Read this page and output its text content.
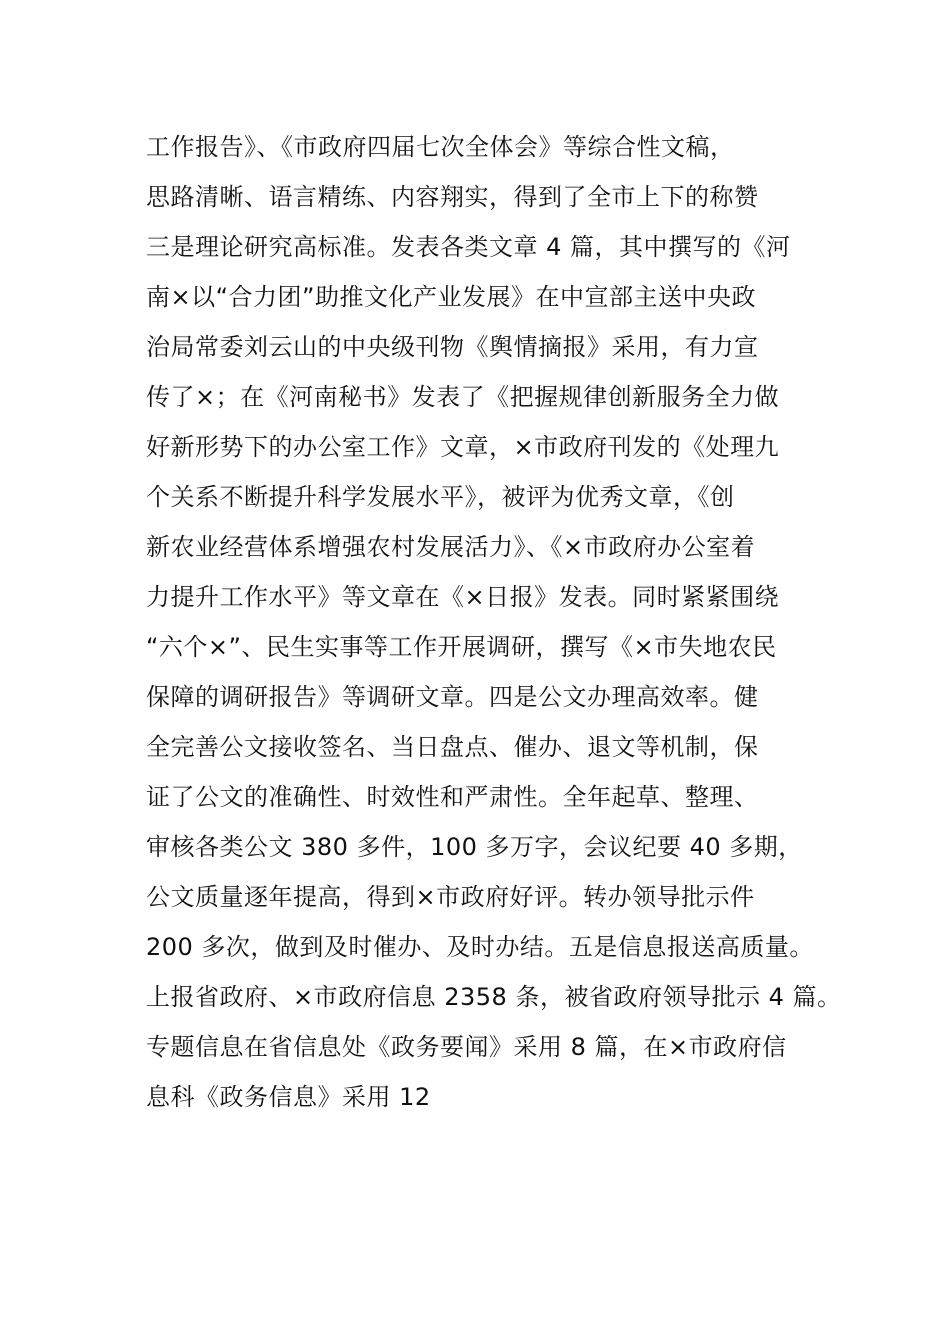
工作报告》、《市政府四届七次全体会》等综合性文稿，
思路清晰、语言精练、内容翔实，得到了全市上下的称赞
三是理论研究高标准。发表各类文章 4 篇，其中撰写的《河
南×以“合力团”助推文化产业发展》在中宣部主送中央政
治局常委刘云山的中央级刊物《舆情摘报》采用，有力宣
传了×；在《河南秘书》发表了《把握规律创新服务全力做
好新形势下的办公室工作》文章，×市政府刊发的《处理九
个关系不断提升科学发展水平》，被评为优秀文章，《创
新农业经营体系增强农村发展活力》、《×市政府办公室着
力提升工作水平》等文章在《×日报》发表。同时紧紧围绕
“六个×”、民生实事等工作开展调研，撰写《×市失地农民
保障的调研报告》等调研文章。四是公文办理高效率。健
全完善公文接收签名、当日盘点、催办、退文等机制，保
证了公文的准确性、时效性和严肃性。全年起草、整理、
审核各类公文 380 多件，100 多万字，会议纪要 40 多期，
公文质量逐年提高，得到×市政府好评。转办领导批示件
200 多次，做到及时催办、及时办结。五是信息报送高质量。
上报省政府、×市政府信息 2358 条，被省政府领导批示 4 篇。
专题信息在省信息处《政务要闻》采用 8 篇，在×市政府信
息科《政务信息》采用 12
